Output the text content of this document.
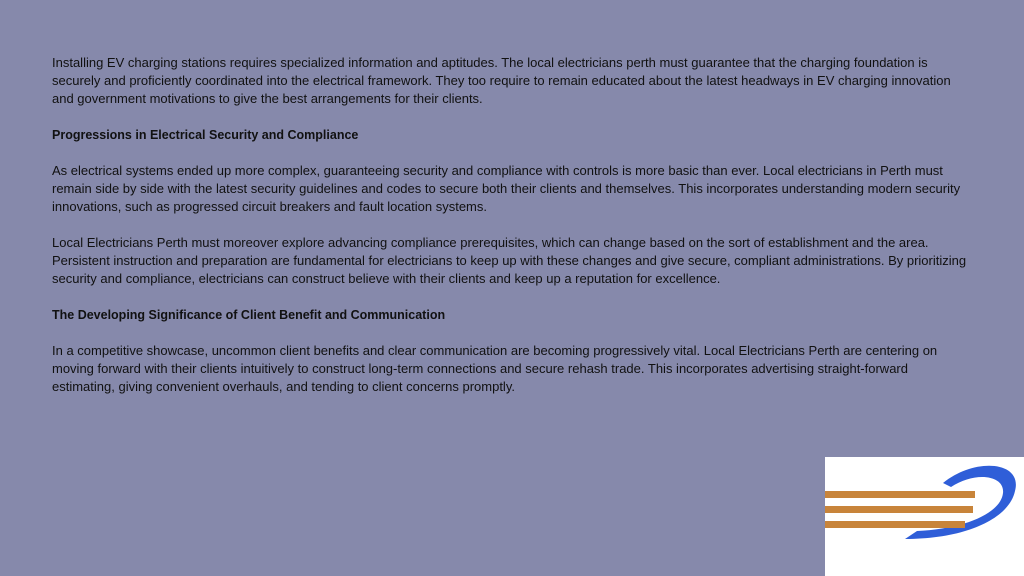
Installing EV charging stations requires specialized information and aptitudes. The local electricians perth must guarantee that the charging foundation is securely and proficiently coordinated into the electrical framework. They too require to remain educated about the latest headways in EV charging innovation and government motivations to give the best arrangements for their clients.

Progressions in Electrical Security and Compliance

As electrical systems ended up more complex, guaranteeing security and compliance with controls is more basic than ever. Local electricians in Perth must remain side by side with the latest security guidelines and codes to secure both their clients and themselves. This incorporates understanding modern security innovations, such as progressed circuit breakers and fault location systems.

Local Electricians Perth must moreover explore advancing compliance prerequisites, which can change based on the sort of establishment and the area. Persistent instruction and preparation are fundamental for electricians to keep up with these changes and give secure, compliant administrations. By prioritizing security and compliance, electricians can construct believe with their clients and keep up a reputation for excellence.

The Developing Significance of Client Benefit and Communication

In a competitive showcase, uncommon client benefits and clear communication are becoming progressively vital. Local Electricians Perth are centering on moving forward with their clients intuitively to construct long-term connections and secure rehash trade. This incorporates advertising straight-forward estimating, giving convenient overhauls, and tending to client concerns promptly.
